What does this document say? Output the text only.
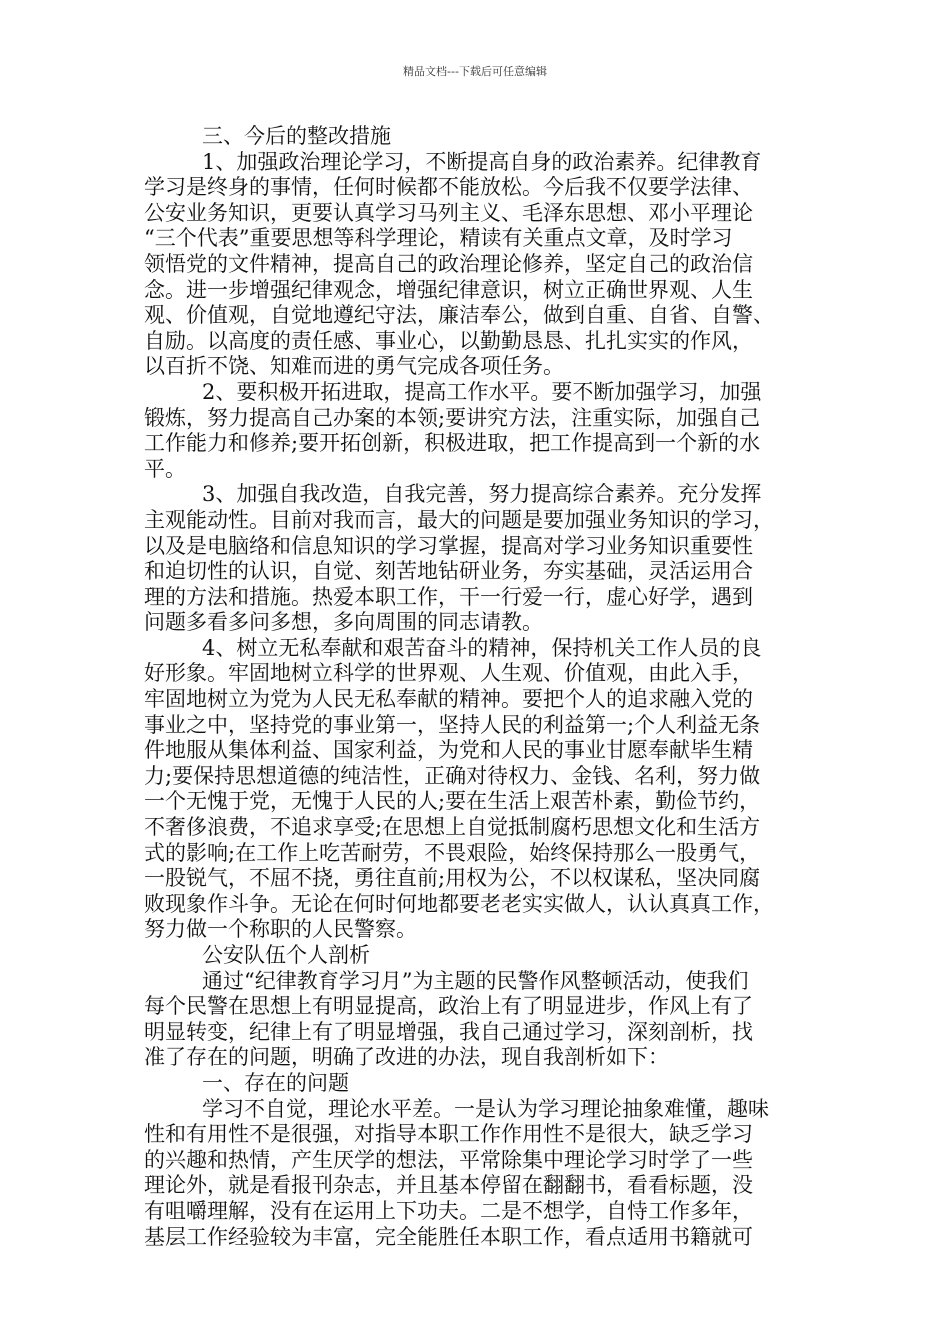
精品文档---下载后可任意编辑
三、今后的整改措施
1、加强政治理论学习，不断提高自身的政治素养。纪律教育
学习是终身的事情，任何时候都不能放松。今后我不仅要学法律、
公安业务知识，更要认真学习马列主义、毛泽东思想、邓小平理论
“三个代表”重要思想等科学理论，精读有关重点文章，及时学习
领悟党的文件精神，提高自己的政治理论修养，坚定自己的政治信
念。进一步增强纪律观念，增强纪律意识，树立正确世界观、人生
观、价值观，自觉地遵纪守法，廉洁奉公，做到自重、自省、自警、
自励。以高度的责任感、事业心，以勤勤恳恳、扎扎实实的作风，
以百折不饶、知难而进的勇气完成各项任务。
2、要积极开拓进取，提高工作水平。要不断加强学习，加强
锻炼，努力提高自己办案的本领;要讲究方法，注重实际，加强自己
工作能力和修养;要开拓创新，积极进取，把工作提高到一个新的水
平。
3、加强自我改造，自我完善，努力提高综合素养。充分发挥
主观能动性。目前对我而言，最大的问题是要加强业务知识的学习，
以及是电脑络和信息知识的学习掌握，提高对学习业务知识重要性
和迫切性的认识，自觉、刻苦地钻研业务，夯实基础，灵活运用合
理的方法和措施。热爱本职工作，干一行爱一行，虚心好学，遇到
问题多看多问多想，多向周围的同志请教。
4、树立无私奉献和艰苦奋斗的精神，保持机关工作人员的良
好形象。牢固地树立科学的世界观、人生观、价值观，由此入手，
牢固地树立为党为人民无私奉献的精神。要把个人的追求融入党的
事业之中，坚持党的事业第一，坚持人民的利益第一;个人利益无条
件地服从集体利益、国家利益，为党和人民的事业甘愿奉献毕生精
力;要保持思想道德的纯洁性，正确对待权力、金钱、名利，努力做
一个无愧于党，无愧于人民的人;要在生活上艰苦朴素，勤俭节约，
不奢侈浪费，不追求享受;在思想上自觉抵制腐朽思想文化和生活方
式的影响;在工作上吃苦耐劳，不畏艰险，始终保持那么一股勇气，
一股锐气，不屈不挠，勇往直前;用权为公，不以权谋私，坚决同腐
败现象作斗争。无论在何时何地都要老老实实做人，认认真真工作，
努力做一个称职的人民警察。
公安队伍个人剖析
通过“纪律教育学习月”为主题的民警作风整顿活动，使我们
每个民警在思想上有明显提高，政治上有了明显进步，作风上有了
明显转变，纪律上有了明显增强，我自己通过学习，深刻剖析，找
准了存在的问题，明确了改进的办法，现自我剖析如下：
一、存在的问题
学习不自觉，理论水平差。一是认为学习理论抽象难懂，趣味
性和有用性不是很强，对指导本职工作作用性不是很大，缺乏学习
的兴趣和热情，产生厌学的想法，平常除集中理论学习时学了一些
理论外，就是看报刊杂志，并且基本停留在翻翻书，看看标题，没
有咀嚼理解，没有在运用上下功夫。二是不想学，自恃工作多年，
基层工作经验较为丰富，完全能胜任本职工作，看点适用书籍就可
